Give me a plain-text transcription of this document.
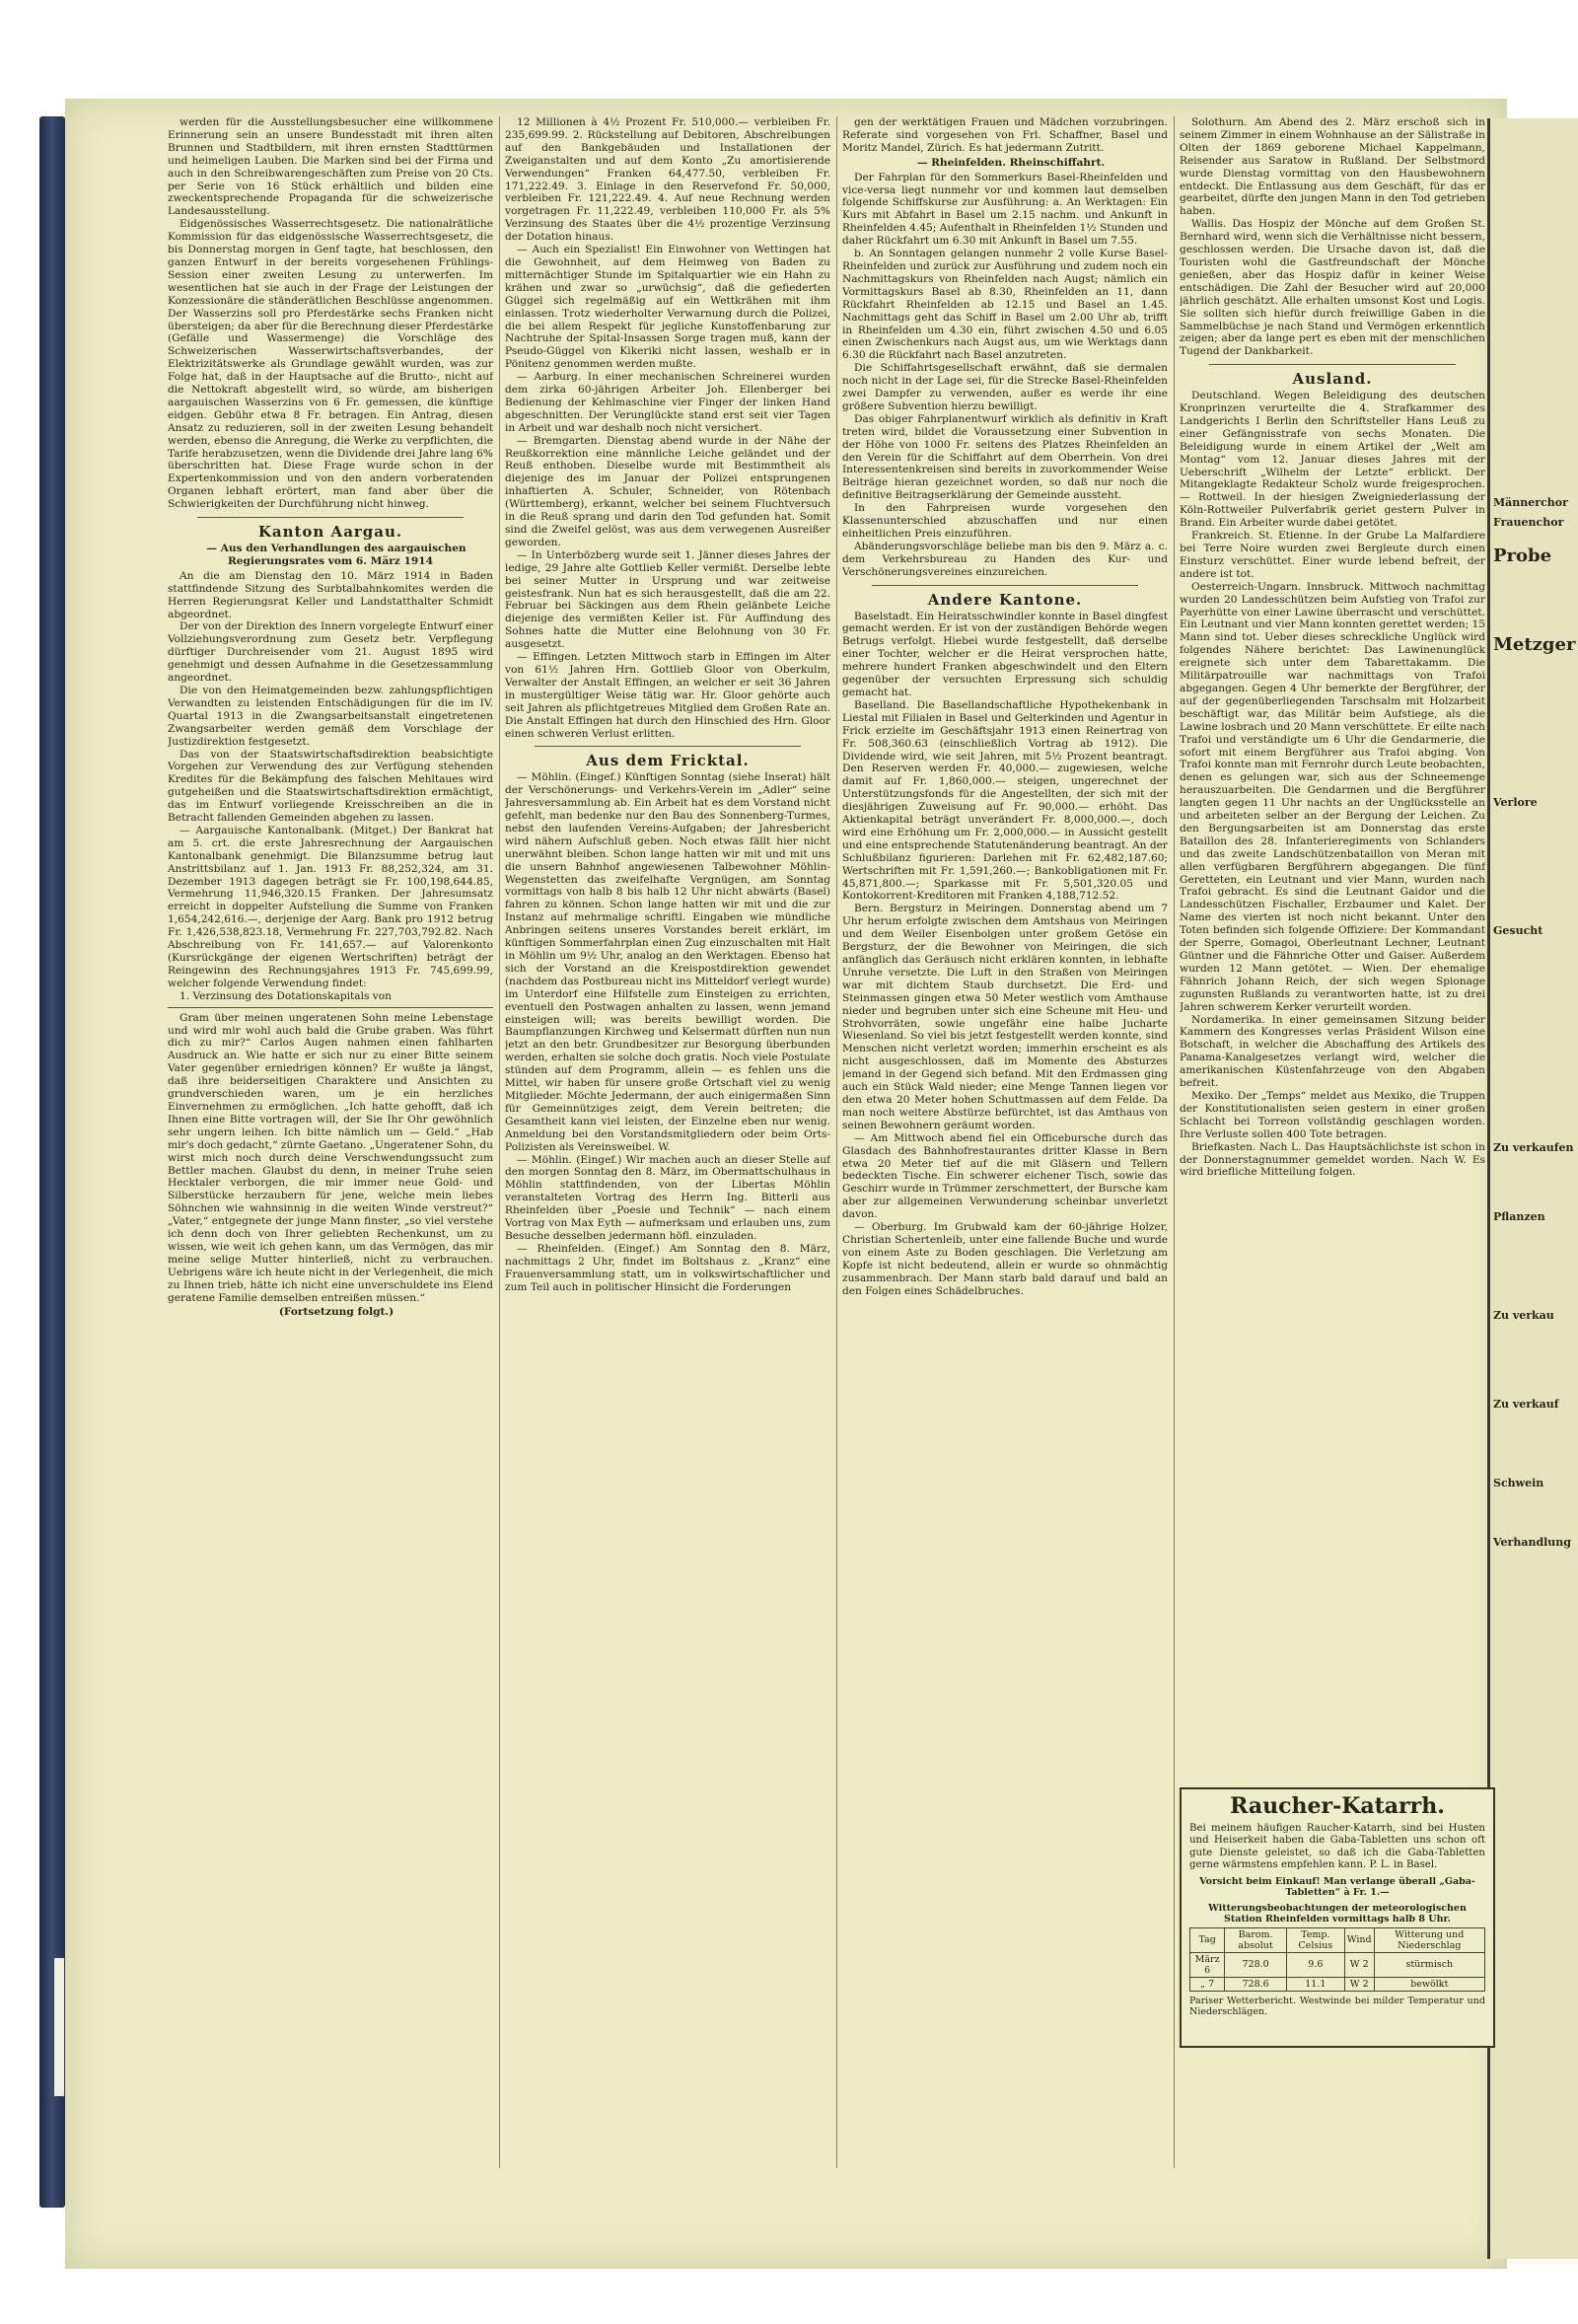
Männerchor
Frauenchor
Probe
Metzger
Verlore
Gesucht
Zu verkaufen
Pflanzen
Zu verkau
Zu verkauf
Schwein
Verhandlung

werden für die Ausstellungsbesucher eine willkommene Erinnerung sein an unsere Bundesstadt mit ihren alten Brunnen und Stadtbildern, mit ihren ernsten Stadttürmen und heimeligen Lauben. Die Marken sind bei der Firma und auch in den Schreibwarengeschäften zum Preise von 20 Cts. per Serie von 16 Stück erhältlich und bilden eine zweckentsprechende Propaganda für die schweizerische Landesausstellung.

Eidgenössisches Wasserrechtsgesetz. Die nationalrätliche Kommission für das eidgenössische Wasserrechtsgesetz, die bis Donnerstag morgen in Genf tagte, hat beschlossen, den ganzen Entwurf in der bereits vorgesehenen Frühlings-Session einer zweiten Lesung zu unterwerfen. Im wesentlichen hat sie auch in der Frage der Leistungen der Konzessionäre die ständerätlichen Beschlüsse angenommen. Der Wasserzins soll pro Pferdestärke sechs Franken nicht übersteigen; da aber für die Berechnung dieser Pferdestärke (Gefälle und Wassermenge) die Vorschläge des Schweizerischen Wasserwirtschaftsverbandes, der Elektrizitätswerke als Grundlage gewählt wurden, was zur Folge hat, daß in der Hauptsache auf die Brutto-, nicht auf die Nettokraft abgestellt wird, so würde, am bisherigen aargauischen Wasserzins von 6 Fr. gemessen, die künftige eidgen. Gebühr etwa 8 Fr. betragen. Ein Antrag, diesen Ansatz zu reduzieren, soll in der zweiten Lesung behandelt werden, ebenso die Anregung, die Werke zu verpflichten, die Tarife herabzusetzen, wenn die Dividende drei Jahre lang 6% überschritten hat. Diese Frage wurde schon in der Expertenkommission und von den andern vorberatenden Organen lebhaft erörtert, man fand aber über die Schwierigkeiten der Durchführung nicht hinweg.

Kanton Aargau.

— Aus den Verhandlungen des aargauischen Regierungsrates vom 6. März 1914

An die am Dienstag den 10. März 1914 in Baden stattfindende Sitzung des Surbtalbahnkomites werden die Herren Regierungsrat Keller und Landstatthalter Schmidt abgeordnet.

Der von der Direktion des Innern vorgelegte Entwurf einer Vollziehungsverordnung zum Gesetz betr. Verpflegung dürftiger Durchreisender vom 21. August 1895 wird genehmigt und dessen Aufnahme in die Gesetzessammlung angeordnet.

Die von den Heimatgemeinden bezw. zahlungspflichtigen Verwandten zu leistenden Entschädigungen für die im IV. Quartal 1913 in die Zwangsarbeitsanstalt eingetretenen Zwangsarbeiter werden gemäß dem Vorschlage der Justizdirektion festgesetzt.

Das von der Staatswirtschaftsdirektion beabsichtigte Vorgehen zur Verwendung des zur Verfügung stehenden Kredites für die Bekämpfung des falschen Mehltaues wird gutgeheißen und die Staatswirtschaftsdirektion ermächtigt, das im Entwurf vorliegende Kreisschreiben an die in Betracht fallenden Gemeinden abgehen zu lassen.

— Aargauische Kantonalbank. (Mitget.) Der Bankrat hat am 5. crt. die erste Jahresrechnung der Aargauischen Kantonalbank genehmigt. Die Bilanzsumme betrug laut Anstrittsbilanz auf 1. Jan. 1913 Fr. 88,252,324, am 31. Dezember 1913 dagegen beträgt sie Fr. 100,198,644.85, Vermehrung 11,946,320.15 Franken. Der Jahresumsatz erreicht in doppelter Aufstellung die Summe von Franken 1,654,242,616.—, derjenige der Aarg. Bank pro 1912 betrug Fr. 1,426,538,823.18, Vermehrung Fr. 227,703,792.82. Nach Abschreibung von Fr. 141,657.— auf Valorenkonto (Kursrückgänge der eigenen Wertschriften) beträgt der Reingewinn des Rechnungsjahres 1913 Fr. 745,699.99, welcher folgende Verwendung findet:

1. Verzinsung des Dotationskapitals von

Gram über meinen ungeratenen Sohn meine Lebenstage und wird mir wohl auch bald die Grube graben. Was führt dich zu mir?“ Carlos Augen nahmen einen fahlharten Ausdruck an. Wie hatte er sich nur zu einer Bitte seinem Vater gegenüber erniedrigen können? Er wußte ja längst, daß ihre beiderseitigen Charaktere und Ansichten zu grundverschieden waren, um je ein herzliches Einvernehmen zu ermöglichen. „Ich hatte gehofft, daß ich Ihnen eine Bitte vortragen will, der Sie Ihr Ohr gewöhnlich sehr ungern leihen. Ich bitte nämlich um — Geld.“ „Hab mir's doch gedacht,“ zürnte Gaetano. „Ungeratener Sohn, du wirst mich noch durch deine Verschwendungssucht zum Bettler machen. Glaubst du denn, in meiner Truhe seien Hecktaler verborgen, die mir immer neue Gold- und Silberstücke herzaubern für jene, welche mein liebes Söhnchen wie wahnsinnig in die weiten Winde verstreut?“ „Vater,“ entgegnete der junge Mann finster, „so viel verstehe ich denn doch von Ihrer geliebten Rechenkunst, um zu wissen, wie weit ich gehen kann, um das Vermögen, das mir meine selige Mutter hinterließ, nicht zu verbrauchen. Uebrigens wäre ich heute nicht in der Verlegenheit, die mich zu Ihnen trieb, hätte ich nicht eine unverschuldete ins Elend geratene Familie demselben entreißen müssen.“

(Fortsetzung folgt.)

12 Millionen à 4½ Prozent Fr. 510,000.— verbleiben Fr. 235,699.99. 2. Rückstellung auf Debitoren, Abschreibungen auf den Bankgebäuden und Installationen der Zweiganstalten und auf dem Konto „Zu amortisierende Verwendungen“ Franken 64,477.50, verbleiben Fr. 171,222.49. 3. Einlage in den Reservefond Fr. 50,000, verbleiben Fr. 121,222.49. 4. Auf neue Rechnung werden vorgetragen Fr. 11,222.49, verbleiben 110,000 Fr. als 5% Verzinsung des Staates über die 4½ prozentige Verzinsung der Dotation hinaus.

— Auch ein Spezialist! Ein Einwohner von Wettingen hat die Gewohnheit, auf dem Heimweg von Baden zu mitternächtiger Stunde im Spitalquartier wie ein Hahn zu krähen und zwar so „urwüchsig“, daß die gefiederten Güggel sich regelmäßig auf ein Wettkrähen mit ihm einlassen. Trotz wiederholter Verwarnung durch die Polizei, die bei allem Respekt für jegliche Kunstoffenbarung zur Nachtruhe der Spital-Insassen Sorge tragen muß, kann der Pseudo-Güggel von Kikeriki nicht lassen, weshalb er in Pönitenz genommen werden mußte.

— Aarburg. In einer mechanischen Schreinerei wurden dem zirka 60-jährigen Arbeiter Joh. Ellenberger bei Bedienung der Kehlmaschine vier Finger der linken Hand abgeschnitten. Der Verunglückte stand erst seit vier Tagen in Arbeit und war deshalb noch nicht versichert.

— Bremgarten. Dienstag abend wurde in der Nähe der Reußkorrektion eine männliche Leiche geländet und der Reuß enthoben. Dieselbe wurde mit Bestimmtheit als diejenige des im Januar der Polizei entsprungenen inhaftierten A. Schuler, Schneider, von Rötenbach (Württemberg), erkannt, welcher bei seinem Fluchtversuch in die Reuß sprang und darin den Tod gefunden hat. Somit sind die Zweifel gelöst, was aus dem verwegenen Ausreißer geworden.

— In Unterbözberg wurde seit 1. Jänner dieses Jahres der ledige, 29 Jahre alte Gottlieb Keller vermißt. Derselbe lebte bei seiner Mutter in Ursprung und war zeitweise geistesfrank. Nun hat es sich herausgestellt, daß die am 22. Februar bei Säckingen aus dem Rhein gelänbete Leiche diejenige des vermißten Keller ist. Für Auffindung des Sohnes hatte die Mutter eine Belohnung von 30 Fr. ausgesetzt.

— Effingen. Letzten Mittwoch starb in Effingen im Alter von 61½ Jahren Hrn. Gottlieb Gloor von Oberkulm, Verwalter der Anstalt Effingen, an welcher er seit 36 Jahren in mustergültiger Weise tätig war. Hr. Gloor gehörte auch seit Jahren als pflichtgetreues Mitglied dem Großen Rate an. Die Anstalt Effingen hat durch den Hinschied des Hrn. Gloor einen schweren Verlust erlitten.

Aus dem Fricktal.

— Möhlin. (Eingef.) Künftigen Sonntag (siehe Inserat) hält der Verschönerungs- und Verkehrs-Verein im „Adler“ seine Jahresversammlung ab. Ein Arbeit hat es dem Vorstand nicht gefehlt, man bedenke nur den Bau des Sonnenberg-Turmes, nebst den laufenden Vereins-Aufgaben; der Jahresbericht wird nähern Aufschluß geben. Noch etwas fällt hier nicht unerwähnt bleiben. Schon lange hatten wir mit und mit uns die unsern Bahnhof angewiesenen Talbewohner Möhlin-Wegenstetten das zweifelhafte Vergnügen, am Sonntag vormittags von halb 8 bis halb 12 Uhr nicht abwärts (Basel) fahren zu können. Schon lange hatten wir mit und die zur Instanz auf mehrmalige schriftl. Eingaben wie mündliche Anbringen seitens unseres Vorstandes bereit erklärt, im künftigen Sommerfahrplan einen Zug einzuschalten mit Halt in Möhlin um 9½ Uhr, analog an den Werktagen. Ebenso hat sich der Vorstand an die Kreispostdirektion gewendet (nachdem das Postbureau nicht ins Mitteldorf verlegt wurde) im Unterdorf eine Hilfstelle zum Einsteigen zu errichten, eventuell den Postwagen anhalten zu lassen, wenn jemand einsteigen will; was bereits bewilligt worden. Die Baumpflanzungen Kirchweg und Kelsermatt dürften nun nun jetzt an den betr. Grundbesitzer zur Besorgung überbunden werden, erhalten sie solche doch gratis. Noch viele Postulate stünden auf dem Programm, allein — es fehlen uns die Mittel, wir haben für unsere große Ortschaft viel zu wenig Mitglieder. Möchte Jedermann, der auch einigermaßen Sinn für Gemeinnütziges zeigt, dem Verein beitreten; die Gesamtheit kann viel leisten, der Einzelne eben nur wenig. Anmeldung bei den Vorstandsmitgliedern oder beim Orts-Polizisten als Vereinsweibel. W.

— Möhlin. (Eingef.) Wir machen auch an dieser Stelle auf den morgen Sonntag den 8. März, im Obermattschulhaus in Möhlin stattfindenden, von der Libertas Möhlin veranstalteten Vortrag des Herrn Ing. Bitterli aus Rheinfelden über „Poesie und Technik“ — nach einem Vortrag von Max Eyth — aufmerksam und erlauben uns, zum Besuche desselben jedermann höfl. einzuladen.

— Rheinfelden. (Eingef.) Am Sonntag den 8. März, nachmittags 2 Uhr, findet im Boltshaus z. „Kranz“ eine Frauenversammlung statt, um in volkswirtschaftlicher und zum Teil auch in politischer Hinsicht die Forderungen

gen der werktätigen Frauen und Mädchen vorzubringen. Referate sind vorgesehen von Frl. Schaffner, Basel und Moritz Mandel, Zürich. Es hat jedermann Zutritt.

— Rheinfelden. Rheinschiffahrt.

Der Fahrplan für den Sommerkurs Basel-Rheinfelden und vice-versa liegt nunmehr vor und kommen laut demselben folgende Schiffskurse zur Ausführung: a. An Werktagen: Ein Kurs mit Abfahrt in Basel um 2.15 nachm. und Ankunft in Rheinfelden 4.45; Aufenthalt in Rheinfelden 1½ Stunden und daher Rückfahrt um 6.30 mit Ankunft in Basel um 7.55.

b. An Sonntagen gelangen nunmehr 2 volle Kurse Basel-Rheinfelden und zurück zur Ausführung und zudem noch ein Nachmittagskurs von Rheinfelden nach Augst; nämlich ein Vormittagskurs Basel ab 8.30, Rheinfelden an 11, dann Rückfahrt Rheinfelden ab 12.15 und Basel an 1.45. Nachmittags geht das Schiff in Basel um 2.00 Uhr ab, trifft in Rheinfelden um 4.30 ein, führt zwischen 4.50 und 6.05 einen Zwischenkurs nach Augst aus, um wie Werktags dann 6.30 die Rückfahrt nach Basel anzutreten.

Die Schiffahrtsgesellschaft erwähnt, daß sie dermalen noch nicht in der Lage sei, für die Strecke Basel-Rheinfelden zwei Dampfer zu verwenden, außer es werde ihr eine größere Subvention hierzu bewilligt.

Das obiger Fahrplanentwurf wirklich als definitiv in Kraft treten wird, bildet die Voraussetzung einer Subvention in der Höhe von 1000 Fr. seitens des Platzes Rheinfelden an den Verein für die Schiffahrt auf dem Oberrhein. Von drei Interessentenkreisen sind bereits in zuvorkommender Weise Beiträge hieran gezeichnet worden, so daß nur noch die definitive Beitragserklärung der Gemeinde aussteht.

In den Fahrpreisen wurde vorgesehen den Klassenunterschied abzuschaffen und nur einen einheitlichen Preis einzuführen.

Abänderungsvorschläge beliebe man bis den 9. März a. c. dem Verkehrsbureau zu Handen des Kur- und Verschönerungsvereines einzureichen.

Andere Kantone.

Baselstadt. Ein Heiratsschwindler konnte in Basel dingfest gemacht werden. Er ist von der zuständigen Behörde wegen Betrugs verfolgt. Hiebei wurde festgestellt, daß derselbe einer Tochter, welcher er die Heirat versprochen hatte, mehrere hundert Franken abgeschwindelt und den Eltern gegenüber der versuchten Erpressung sich schuldig gemacht hat.

Baselland. Die Basellandschaftliche Hypothekenbank in Liestal mit Filialen in Basel und Gelterkinden und Agentur in Frick erzielte im Geschäftsjahr 1913 einen Reinertrag von Fr. 508,360.63 (einschließlich Vortrag ab 1912). Die Dividende wird, wie seit Jahren, mit 5½ Prozent beantragt. Den Reserven werden Fr. 40,000.— zugewiesen, welche damit auf Fr. 1,860,000.— steigen, ungerechnet der Unterstützungsfonds für die Angestellten, der sich mit der diesjährigen Zuweisung auf Fr. 90,000.— erhöht. Das Aktienkapital beträgt unverändert Fr. 8,000,000.—, doch wird eine Erhöhung um Fr. 2,000,000.— in Aussicht gestellt und eine entsprechende Statutenänderung beantragt. An der Schlußbilanz figurieren: Darlehen mit Fr. 62,482,187.60; Wertschriften mit Fr. 1,591,260.—; Bankobligationen mit Fr. 45,871,800.—; Sparkasse mit Fr. 5,501,320.05 und Kontokorrent-Kreditoren mit Franken 4,188,712.52.

Bern. Bergsturz in Meiringen. Donnerstag abend um 7 Uhr herum erfolgte zwischen dem Amtshaus von Meiringen und dem Weiler Eisenbolgen unter großem Getöse ein Bergsturz, der die Bewohner von Meiringen, die sich anfänglich das Geräusch nicht erklären konnten, in lebhafte Unruhe versetzte. Die Luft in den Straßen von Meiringen war mit dichtem Staub durchsetzt. Die Erd- und Steinmassen gingen etwa 50 Meter westlich vom Amthause nieder und begruben unter sich eine Scheune mit Heu- und Strohvorräten, sowie ungefähr eine halbe Jucharte Wiesenland. So viel bis jetzt festgestellt werden konnte, sind Menschen nicht verletzt worden; immerhin erscheint es als nicht ausgeschlossen, daß im Momente des Absturzes jemand in der Gegend sich befand. Mit den Erdmassen ging auch ein Stück Wald nieder; eine Menge Tannen liegen vor den etwa 20 Meter hohen Schuttmassen auf dem Felde. Da man noch weitere Abstürze befürchtet, ist das Amthaus von seinen Bewohnern geräumt worden.

— Am Mittwoch abend fiel ein Officebursche durch das Glasdach des Bahnhofrestaurantes dritter Klasse in Bern etwa 20 Meter tief auf die mit Gläsern und Tellern bedeckten Tische. Ein schwerer eichener Tisch, sowie das Geschirr wurde in Trümmer zerschmettert, der Bursche kam aber zur allgemeinen Verwunderung scheinbar unverletzt davon.

— Oberburg. Im Grubwald kam der 60-jährige Holzer, Christian Schertenleib, unter eine fallende Buche und wurde von einem Aste zu Boden geschlagen. Die Verletzung am Kopfe ist nicht bedeutend, allein er wurde so ohnmächtig zusammenbrach. Der Mann starb bald darauf und bald an den Folgen eines Schädelbruches.

Solothurn. Am Abend des 2. März erschoß sich in seinem Zimmer in einem Wohnhause an der Sälistraße in Olten der 1869 geborene Michael Kappelmann, Reisender aus Saratow in Rußland. Der Selbstmord wurde Dienstag vormittag von den Hausbewohnern entdeckt. Die Entlassung aus dem Geschäft, für das er gearbeitet, dürfte den jungen Mann in den Tod getrieben haben.

Wallis. Das Hospiz der Mönche auf dem Großen St. Bernhard wird, wenn sich die Verhältnisse nicht bessern, geschlossen werden. Die Ursache davon ist, daß die Touristen wohl die Gastfreundschaft der Mönche genießen, aber das Hospiz dafür in keiner Weise entschädigen. Die Zahl der Besucher wird auf 20,000 jährlich geschätzt. Alle erhalten umsonst Kost und Logis. Sie sollten sich hiefür durch freiwillige Gaben in die Sammelbüchse je nach Stand und Vermögen erkenntlich zeigen; aber da lange pert es eben mit der menschlichen Tugend der Dankbarkeit.

Ausland.

Deutschland. Wegen Beleidigung des deutschen Kronprinzen verurteilte die 4. Strafkammer des Landgerichts I Berlin den Schriftsteller Hans Leuß zu einer Gefängnisstrafe von sechs Monaten. Die Beleidigung wurde in einem Artikel der „Welt am Montag“ vom 12. Januar dieses Jahres mit der Ueberschrift „Wilhelm der Letzte“ erblickt. Der Mitangeklagte Redakteur Scholz wurde freigesprochen. — Rottweil. In der hiesigen Zweigniederlassung der Köln-Rottweiler Pulverfabrik geriet gestern Pulver in Brand. Ein Arbeiter wurde dabei getötet.

Frankreich. St. Etienne. In der Grube La Malfardiere bei Terre Noire wurden zwei Bergleute durch einen Einsturz verschüttet. Einer wurde lebend befreit, der andere ist tot.

Oesterreich-Ungarn. Innsbruck. Mittwoch nachmittag wurden 20 Landesschützen beim Aufstieg von Trafoi zur Payerhütte von einer Lawine überrascht und verschüttet. Ein Leutnant und vier Mann konnten gerettet werden; 15 Mann sind tot. Ueber dieses schreckliche Unglück wird folgendes Nähere berichtet: Das Lawinenunglück ereignete sich unter dem Tabarettakamm. Die Militärpatrouille war nachmittags von Trafoi abgegangen. Gegen 4 Uhr bemerkte der Bergführer, der auf der gegenüberliegenden Tarschsalm mit Holzarbeit beschäftigt war, das Militär beim Aufstiege, als die Lawine losbrach und 20 Mann verschüttete. Er eilte nach Trafoi und verständigte um 6 Uhr die Gendarmerie, die sofort mit einem Bergführer aus Trafoi abging. Von Trafoi konnte man mit Fernrohr durch Leute beobachten, denen es gelungen war, sich aus der Schneemenge herauszuarbeiten. Die Gendarmen und die Bergführer langten gegen 11 Uhr nachts an der Unglücksstelle an und arbeiteten selber an der Bergung der Leichen. Zu den Bergungsarbeiten ist am Donnerstag das erste Bataillon des 28. Infanterieregiments von Schlanders und das zweite Landschützenbataillon von Meran mit allen verfügbaren Bergführern abgegangen. Die fünf Geretteten, ein Leutnant und vier Mann, wurden nach Trafoi gebracht. Es sind die Leutnant Gaidor und die Landesschützen Fischaller, Erzbaumer und Kalet. Der Name des vierten ist noch nicht bekannt. Unter den Toten befinden sich folgende Offiziere: Der Kommandant der Sperre, Gomagoi, Oberleutnant Lechner, Leutnant Güntner und die Fähnriche Otter und Gaiser. Außerdem wurden 12 Mann getötet. — Wien. Der ehemalige Fähnrich Johann Reich, der sich wegen Spionage zugunsten Rußlands zu verantworten hatte, ist zu drei Jahren schwerem Kerker verurteilt worden.

Nordamerika. In einer gemeinsamen Sitzung beider Kammern des Kongresses verlas Präsident Wilson eine Botschaft, in welcher die Abschaffung des Artikels des Panama-Kanalgesetzes verlangt wird, welcher die amerikanischen Küstenfahrzeuge von den Abgaben befreit.

Mexiko. Der „Temps“ meldet aus Mexiko, die Truppen der Konstitutionalisten seien gestern in einer großen Schlacht bei Torreon vollständig geschlagen worden. Ihre Verluste sollen 400 Tote betragen.

Briefkasten. Nach L. Das Hauptsächlichste ist schon in der Donnerstagnummer gemeldet worden. Nach W. Es wird briefliche Mitteilung folgen.

Raucher-Katarrh.
Bei meinem häufigen Raucher-Katarrh, sind bei Husten und Heiserkeit haben die Gaba-Tabletten uns schon oft gute Dienste geleistet, so daß ich die Gaba-Tabletten gerne wärmstens empfehlen kann. P. L. in Basel.
Vorsicht beim Einkauf! Man verlange überall „Gaba-Tabletten“ à Fr. 1.—
Witterungsbeobachtungen der meteorologischen Station Rheinfelden vormittags halb 8 Uhr.
Tag	Barom. absolut	Temp. Celsius	Wind	Witterung und Niederschlag
März 6	728.0	9.6	W 2	stürmisch
„ 7	728.6	11.1	W 2	bewölkt
Pariser Wetterbericht. Westwinde bei milder Temperatur und Niederschlägen.
